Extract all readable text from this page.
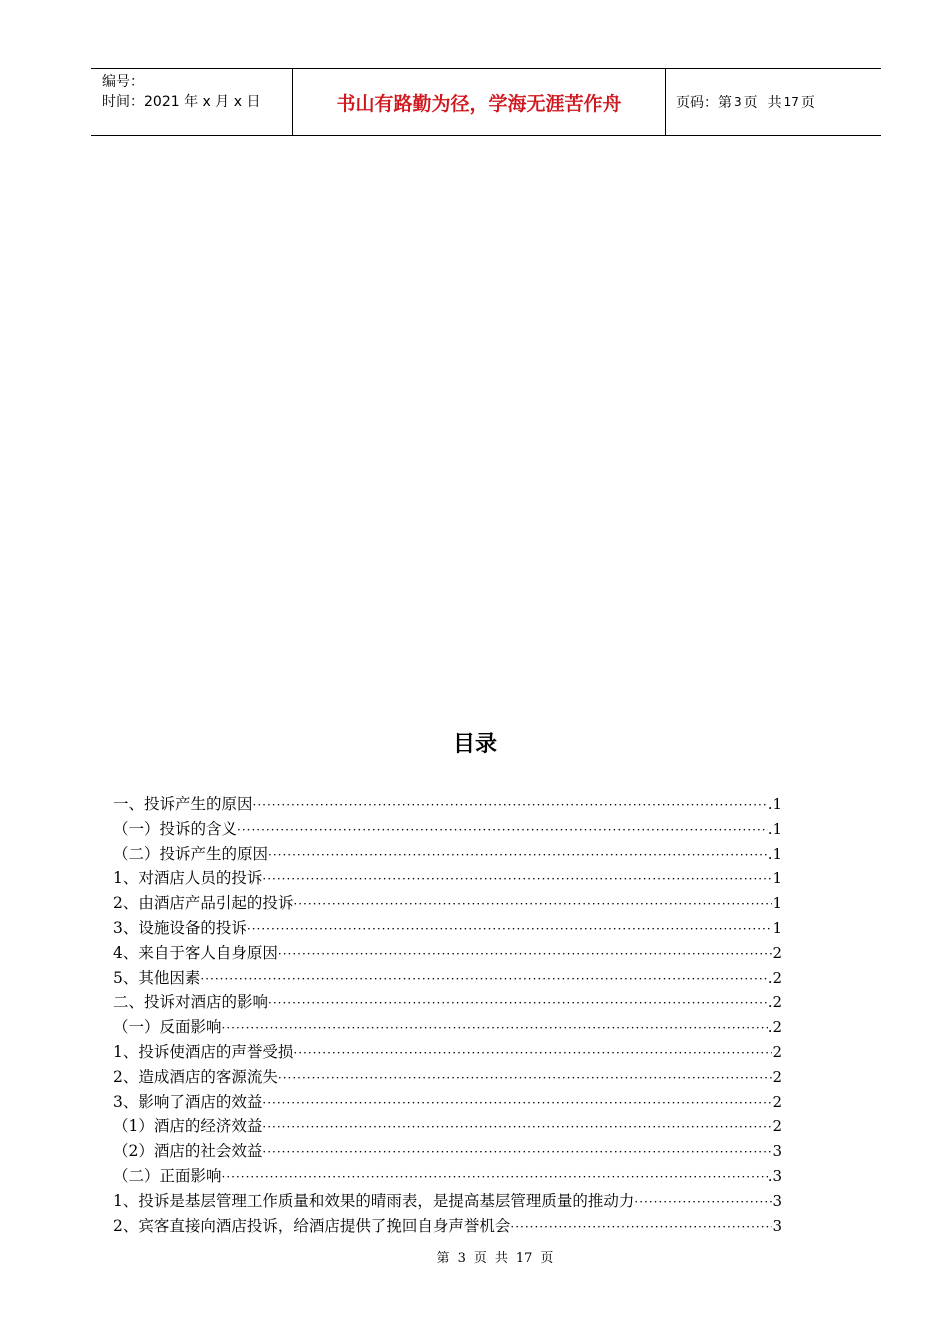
编号：
时间：2021 年 x 月 x 日	书山有路勤为径，学海无涯苦作舟	页码：第 3 页 共 17 页
目录
一、投诉产生的原因 ·····	.1
（一）投诉的含义 ·····	.1
（二）投诉产生的原因 ·····	.1
1、对酒店人员的投诉 ·····	1
2、由酒店产品引起的投诉 ·····	1
3、设施设备的投诉 ·····	1
4、来自于客人自身原因 ·····	2
5、其他因素 ·····	.2
二、投诉对酒店的影响 ·····	.2
（一）反面影响 ·····	.2
1、投诉使酒店的声誉受损 ·····	2
2、造成酒店的客源流失 ·····	2
3、影响了酒店的效益 ·····	2
（1）酒店的经济效益 ·····	2
（2）酒店的社会效益 ·····	3
（二）正面影响 ·····	.3
1、投诉是基层管理工作质量和效果的晴雨表，是提高基层管理质量的推动力 ·····	3
2、宾客直接向酒店投诉，给酒店提供了挽回自身声誉机会 ·····	3
第 3 页 共 17 页
